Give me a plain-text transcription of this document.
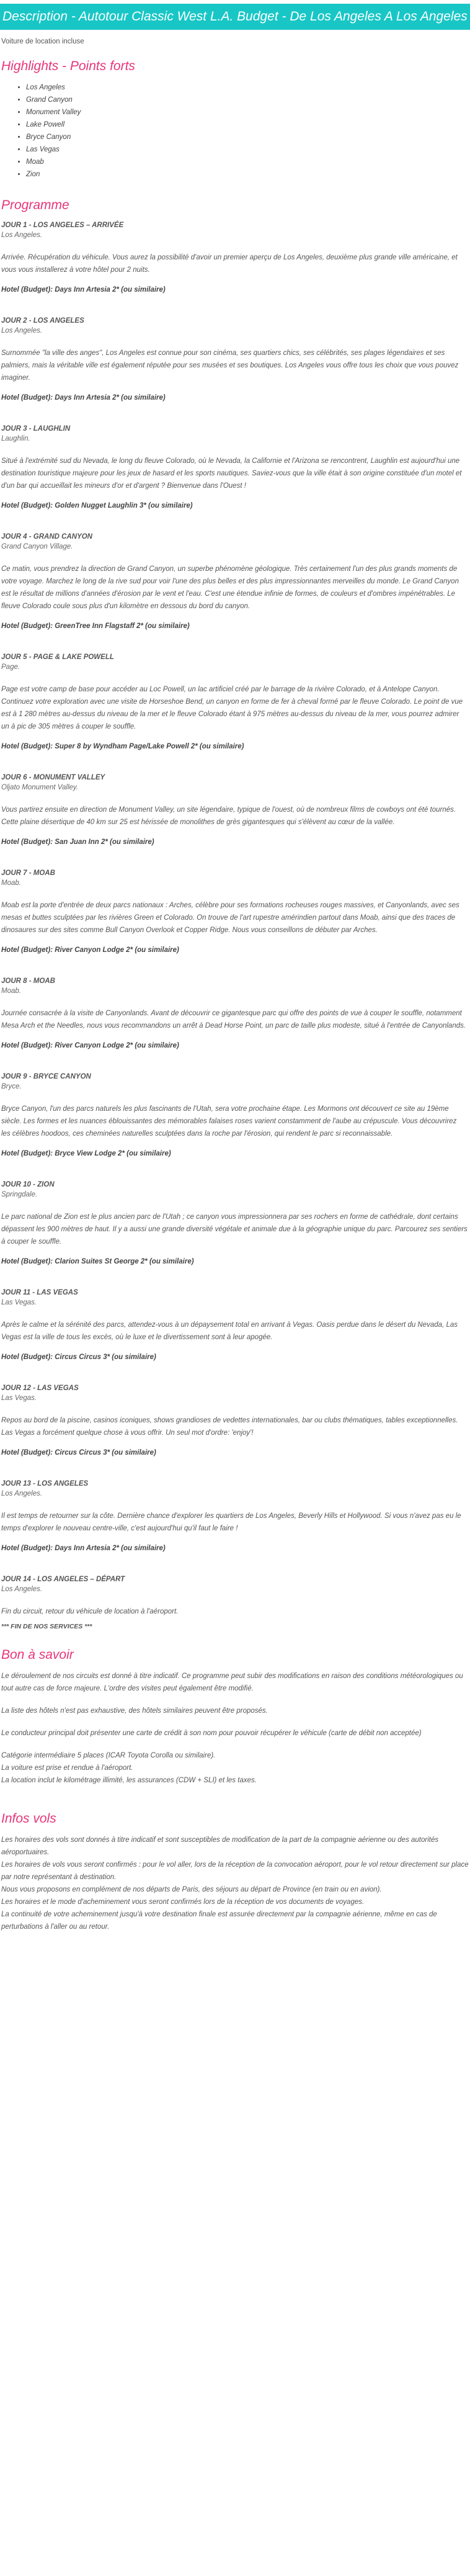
Description - Autotour Classic West L.A. Budget - De Los Angeles A Los Angeles
Voiture de location incluse
Highlights - Points forts
• Los Angeles
• Grand Canyon
• Monument Valley
• Lake Powell
• Bryce Canyon
• Las Vegas
• Moab
• Zion
Programme
JOUR 1 - LOS ANGELES – ARRIVÉE
Los Angeles.
Arrivée. Récupération du véhicule. Vous aurez la possibilité d'avoir un premier aperçu de Los Angeles, deuxième plus grande ville américaine, et vous vous installerez à votre hôtel pour 2 nuits.
Hotel (Budget): Days Inn Artesia 2* (ou similaire)
JOUR 2 - LOS ANGELES
Los Angeles.
Surnommée "la ville des anges", Los Angeles est connue pour son cinéma, ses quartiers chics, ses célébrités, ses plages légendaires et ses palmiers, mais la véritable ville est également réputée pour ses musées et ses boutiques. Los Angeles vous offre tous les choix que vous pouvez imaginer.
Hotel (Budget): Days Inn Artesia 2* (ou similaire)
JOUR 3 - LAUGHLIN
Laughlin.
Situé à l'extrémité sud du Nevada, le long du fleuve Colorado, où le Nevada, la Californie et l'Arizona se rencontrent, Laughlin est aujourd'hui une destination touristique majeure pour les jeux de hasard et les sports nautiques. Saviez-vous que la ville était à son origine constituée d'un motel et d'un bar qui accueillait les mineurs d'or et d'argent ? Bienvenue dans l'Ouest !
Hotel (Budget): Golden Nugget Laughlin 3* (ou similaire)
JOUR 4 - GRAND CANYON
Grand Canyon Village.
Ce matin, vous prendrez la direction de Grand Canyon, un superbe phénomène géologique. Très certainement l'un des plus grands moments de votre voyage. Marchez le long de la rive sud pour voir l'une des plus belles et des plus impressionnantes merveilles du monde. Le Grand Canyon est le résultat de millions d'années d'érosion par le vent et l'eau. C'est une étendue infinie de formes, de couleurs et d'ombres impénétrables. Le fleuve Colorado coule sous plus d'un kilomètre en dessous du bord du canyon.
Hotel (Budget): GreenTree Inn Flagstaff 2* (ou similaire)
JOUR 5 - PAGE & LAKE POWELL
Page.
Page est votre camp de base pour accéder au Loc Powell, un lac artificiel créé par le barrage de la rivière Colorado, et à Antelope Canyon. Continuez votre exploration avec une visite de Horseshoe Bend, un canyon en forme de fer à cheval formé par le fleuve Colorado. Le point de vue est à 1 280 mètres au-dessus du niveau de la mer et le fleuve Colorado étant à 975 mètres au-dessus du niveau de la mer, vous pourrez admirer un à pic de 305 mètres à couper le souffle.
Hotel (Budget): Super 8 by Wyndham Page/Lake Powell 2* (ou similaire)
JOUR 6 - MONUMENT VALLEY
Oljato Monument Valley.
Vous partirez ensuite en direction de Monument Valley, un site légendaire, typique de l'ouest, où de nombreux films de cowboys ont été tournés. Cette plaine désertique de 40 km sur 25 est hérissée de monolithes de grès gigantesques qui s'élèvent au cœur de la vallée.
Hotel (Budget): San Juan Inn 2* (ou similaire)
JOUR 7 - MOAB
Moab.
Moab est la porte d'entrée de deux parcs nationaux : Arches, célèbre pour ses formations rocheuses rouges massives, et Canyonlands, avec ses mesas et buttes sculptées par les rivières Green et Colorado. On trouve de l'art rupestre amérindien partout dans Moab, ainsi que des traces de dinosaures sur des sites comme Bull Canyon Overlook et Copper Ridge. Nous vous conseillons de débuter par Arches.
Hotel (Budget): River Canyon Lodge 2* (ou similaire)
JOUR 8 - MOAB
Moab.
Journée consacrée à la visite de Canyonlands. Avant de découvrir ce gigantesque parc qui offre des points de vue à couper le souffle, notamment Mesa Arch et the Needles, nous vous recommandons un arrêt à Dead Horse Point, un parc de taille plus modeste, situé à l'entrée de Canyonlands.
Hotel (Budget): River Canyon Lodge 2* (ou similaire)
JOUR 9 - BRYCE CANYON
Bryce.
Bryce Canyon, l'un des parcs naturels les plus fascinants de l'Utah, sera votre prochaine étape. Les Mormons ont découvert ce site au 19ème siècle. Les formes et les nuances éblouissantes des mémorables falaises roses varient constamment de l'aube au crépuscule. Vous découvrirez les célèbres hoodoos, ces cheminées naturelles sculptées dans la roche par l'érosion, qui rendent le parc si reconnaissable.
Hotel (Budget): Bryce View Lodge 2* (ou similaire)
JOUR 10 - ZION
Springdale.
Le parc national de Zion est le plus ancien parc de l'Utah ; ce canyon vous impressionnera par ses rochers en forme de cathédrale, dont certains dépassent les 900 mètres de haut. Il y a aussi une grande diversité végétale et animale due à la géographie unique du parc. Parcourez ses sentiers à couper le souffle.
Hotel (Budget): Clarion Suites St George 2* (ou similaire)
JOUR 11 - LAS VEGAS
Las Vegas.
Après le calme et la sérénité des parcs, attendez-vous à un dépaysement total en arrivant à Vegas. Oasis perdue dans le désert du Nevada, Las Vegas est la ville de tous les excès, où le luxe et le divertissement sont à leur apogée.
Hotel (Budget): Circus Circus 3* (ou similaire)
JOUR 12 - LAS VEGAS
Las Vegas.
Repos au bord de la piscine, casinos iconiques, shows grandioses de vedettes internationales, bar ou clubs thématiques, tables exceptionnelles. Las Vegas a forcément quelque chose à vous offrir. Un seul mot d'ordre: 'enjoy'!
Hotel (Budget): Circus Circus 3* (ou similaire)
JOUR 13 - LOS ANGELES
Los Angeles.
Il est temps de retourner sur la côte. Dernière chance d'explorer les quartiers de Los Angeles, Beverly Hills et Hollywood. Si vous n'avez pas eu le temps d'explorer le nouveau centre-ville, c'est aujourd'hui qu'il faut le faire !
Hotel (Budget): Days Inn Artesia 2* (ou similaire)
JOUR 14 - LOS ANGELES – DÉPART
Los Angeles.
Fin du circuit, retour du véhicule de location à l'aéroport.
*** FIN DE NOS SERVICES ***
Bon à savoir

Le déroulement de nos circuits est donné à titre indicatif. Ce programme peut subir des modifications en raison des conditions météorologiques ou tout autre cas de force majeure. L'ordre des visites peut également être modifié.

La liste des hôtels n'est pas exhaustive, des hôtels similaires peuvent être proposés.

Le conducteur principal doit présenter une carte de crédit à son nom pour pouvoir récupérer le véhicule (carte de débit non acceptée)

Catégorie intermédiaire 5 places (ICAR Toyota Corolla ou similaire).

La voiture est prise et rendue à l'aéroport.

La location inclut le kilométrage illimité, les assurances (CDW + SLI) et les taxes.

Infos vols

Les horaires des vols sont donnés à titre indicatif et sont susceptibles de modification de la part de la compagnie aérienne ou des autorités aéroportuaires.

Les horaires de vols vous seront confirmés : pour le vol aller, lors de la réception de la convocation aéroport, pour le vol retour directement sur place par notre représentant à destination.

Nous vous proposons en complément de nos départs de Paris, des séjours au départ de Province (en train ou en avion).

Les horaires et le mode d'acheminement vous seront confirmés lors de la réception de vos documents de voyages.

La continuité de votre acheminement jusqu'à votre destination finale est assurée directement par la compagnie aérienne, même en cas de perturbations à l'aller ou au retour.
